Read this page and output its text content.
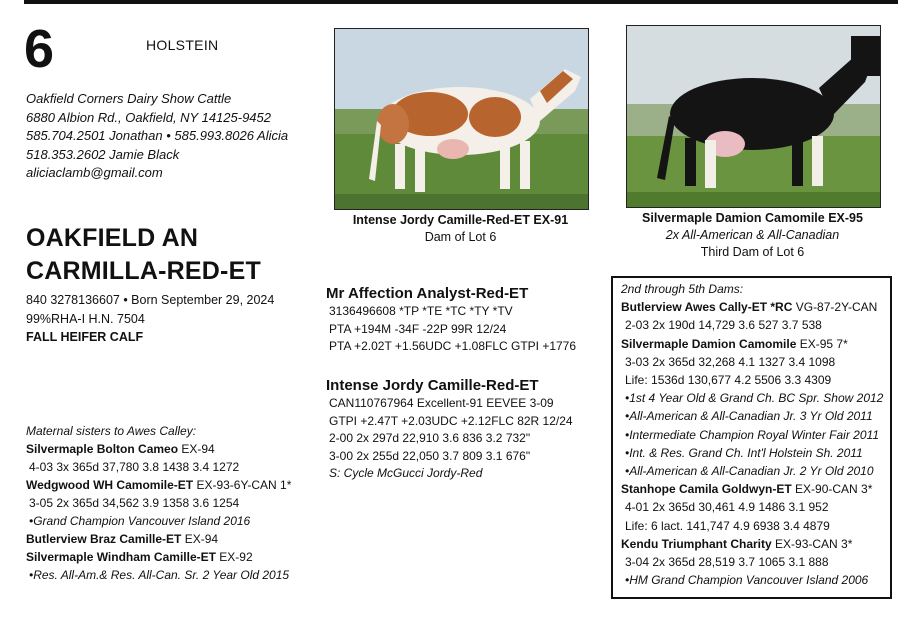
6	HOLSTEIN
Oakfield Corners Dairy Show Cattle
6880 Albion Rd., Oakfield, NY 14125-9452
585.704.2501 Jonathan • 585.993.8026 Alicia
518.353.2602 Jamie Black
aliciaclamb@gmail.com
Intense Jordy Camille-Red-ET EX-91
Dam of Lot 6
Silvermaple Damion Camomile EX-95
2x All-American & All-Canadian
Third Dam of Lot 6
OAKFIELD AN
CARMILLA-RED-ET
840 3278136607 • Born September 29, 2024
99%RHA-I H.N. 7504
FALL HEIFER CALF
Mr Affection Analyst-Red-ET
3136496608 *TP *TE *TC *TY *TV
PTA +194M -34F -22P 99R 12/24
PTA +2.02T +1.56UDC +1.08FLC GTPI +1776
Intense Jordy Camille-Red-ET
CAN110767964 Excellent-91 EEVEE 3-09
GTPI +2.47T +2.03UDC +2.12FLC 82R 12/24
2-00 2x 297d 22,910 3.6 836 3.2 732"
3-00 2x 255d 22,050 3.7 809 3.1 676"
S: Cycle McGucci Jordy-Red
Maternal sisters to Awes Calley:
Silvermaple Bolton Cameo EX-94
4-03 3x 365d 37,780 3.8 1438 3.4 1272
Wedgwood WH Camomile-ET EX-93-6Y-CAN 1*
3-05 2x 365d 34,562 3.9 1358 3.6 1254
•Grand Champion Vancouver Island 2016
Butlerview Braz Camille-ET EX-94
Silvermaple Windham Camille-ET EX-92
•Res. All-Am.& Res. All-Can. Sr. 2 Year Old 2015
2nd through 5th Dams:
Butlerview Awes Cally-ET *RC VG-87-2Y-CAN
2-03 2x 190d 14,729 3.6 527 3.7 538
Silvermaple Damion Camomile EX-95 7*
3-03 2x 365d 32,268 4.1 1327 3.4 1098
Life: 1536d 130,677 4.2 5506 3.3 4309
•1st 4 Year Old & Grand Ch. BC Spr. Show 2012
•All-American & All-Canadian Jr. 3 Yr Old 2011
•Intermediate Champion Royal Winter Fair 2011
•Int. & Res. Grand Ch. Int'l Holstein Sh. 2011
•All-American & All-Canadian Jr. 2 Yr Old 2010
Stanhope Camila Goldwyn-ET EX-90-CAN 3*
4-01 2x 365d 30,461 4.9 1486 3.1 952
Life: 6 lact. 141,747 4.9 6938 3.4 4879
Kendu Triumphant Charity EX-93-CAN 3*
3-04 2x 365d 28,519 3.7 1065 3.1 888
•HM Grand Champion Vancouver Island 2006
